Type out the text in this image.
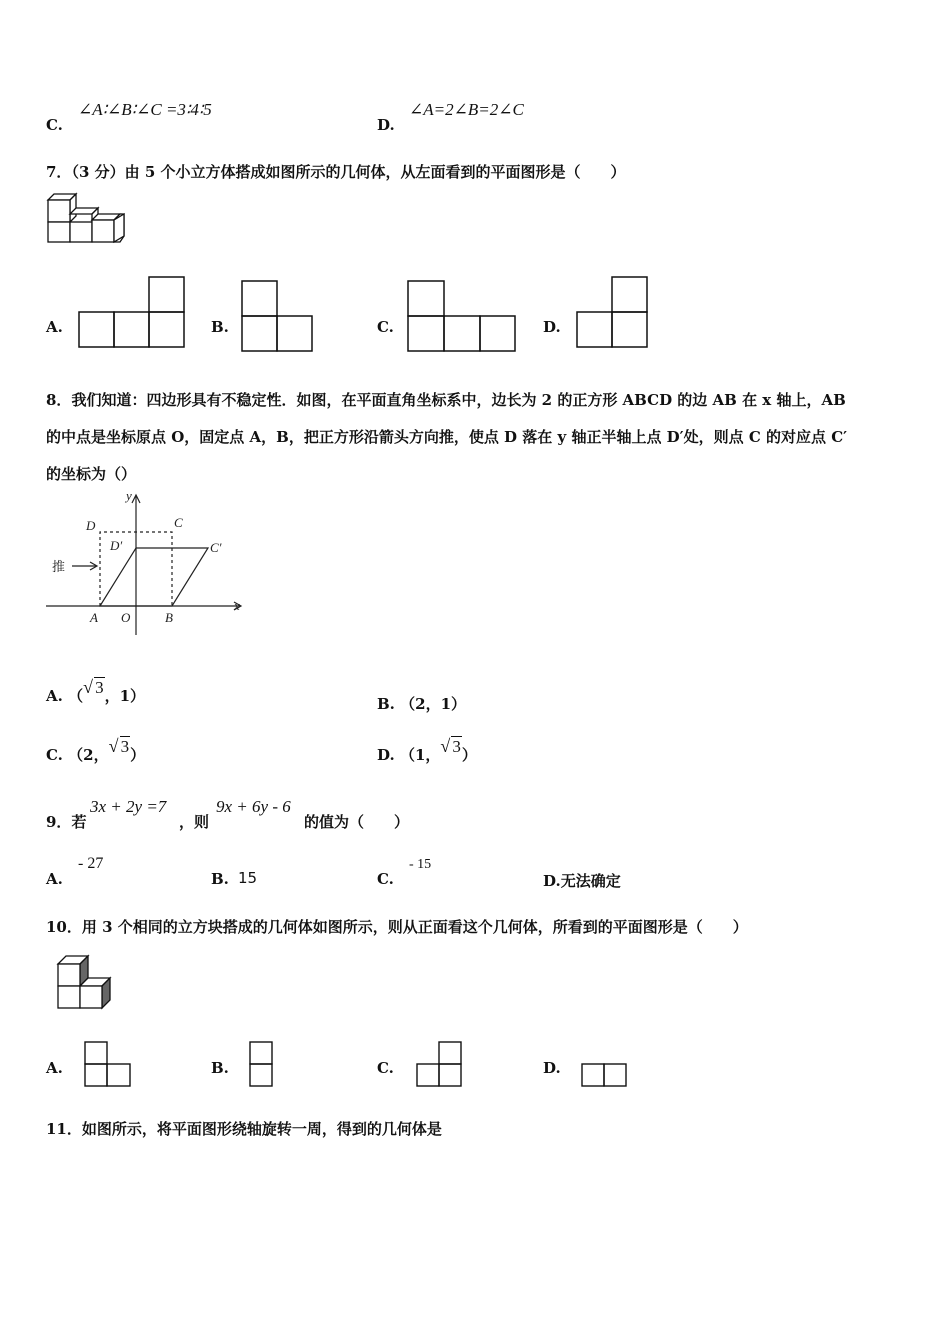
C.
∠A∶∠B∶∠C =3∶4∶5
D.
∠A=2∠B=2∠C
7．（3 分）由 5 个小立方体搭成如图所示的几何体，从左面看到的平面图形是（　　）
A.	B.	C.	D.
8．我们知道：四边形具有不稳定性．如图，在平面直角坐标系中，边长为 2 的正方形 ABCD 的边 AB 在 x 轴上，AB
的中点是坐标原点 O，固定点 A，B，把正方形沿箭头方向推，使点 D 落在 y 轴正半轴上点 D′处，则点 C 的对应点 C′
的坐标为（）
y
x
D	C
D′	C′
推
A O	B
A. （ √ 3，1）	B. （2，1）
C. （2， √ 3）	D. （1， √ 3）
9．若
3x + 2y =7
，则
9x + 6y - 6
的值为（　　）
A.
- 27
B. 15	C.
- 15
D.无法确定
10．用 3 个相同的立方块搭成的几何体如图所示，则从正面看这个几何体，所看到的平面图形是（　　）
A.	B.	C.	D.
11．如图所示，将平面图形绕轴旋转一周，得到的几何体是
